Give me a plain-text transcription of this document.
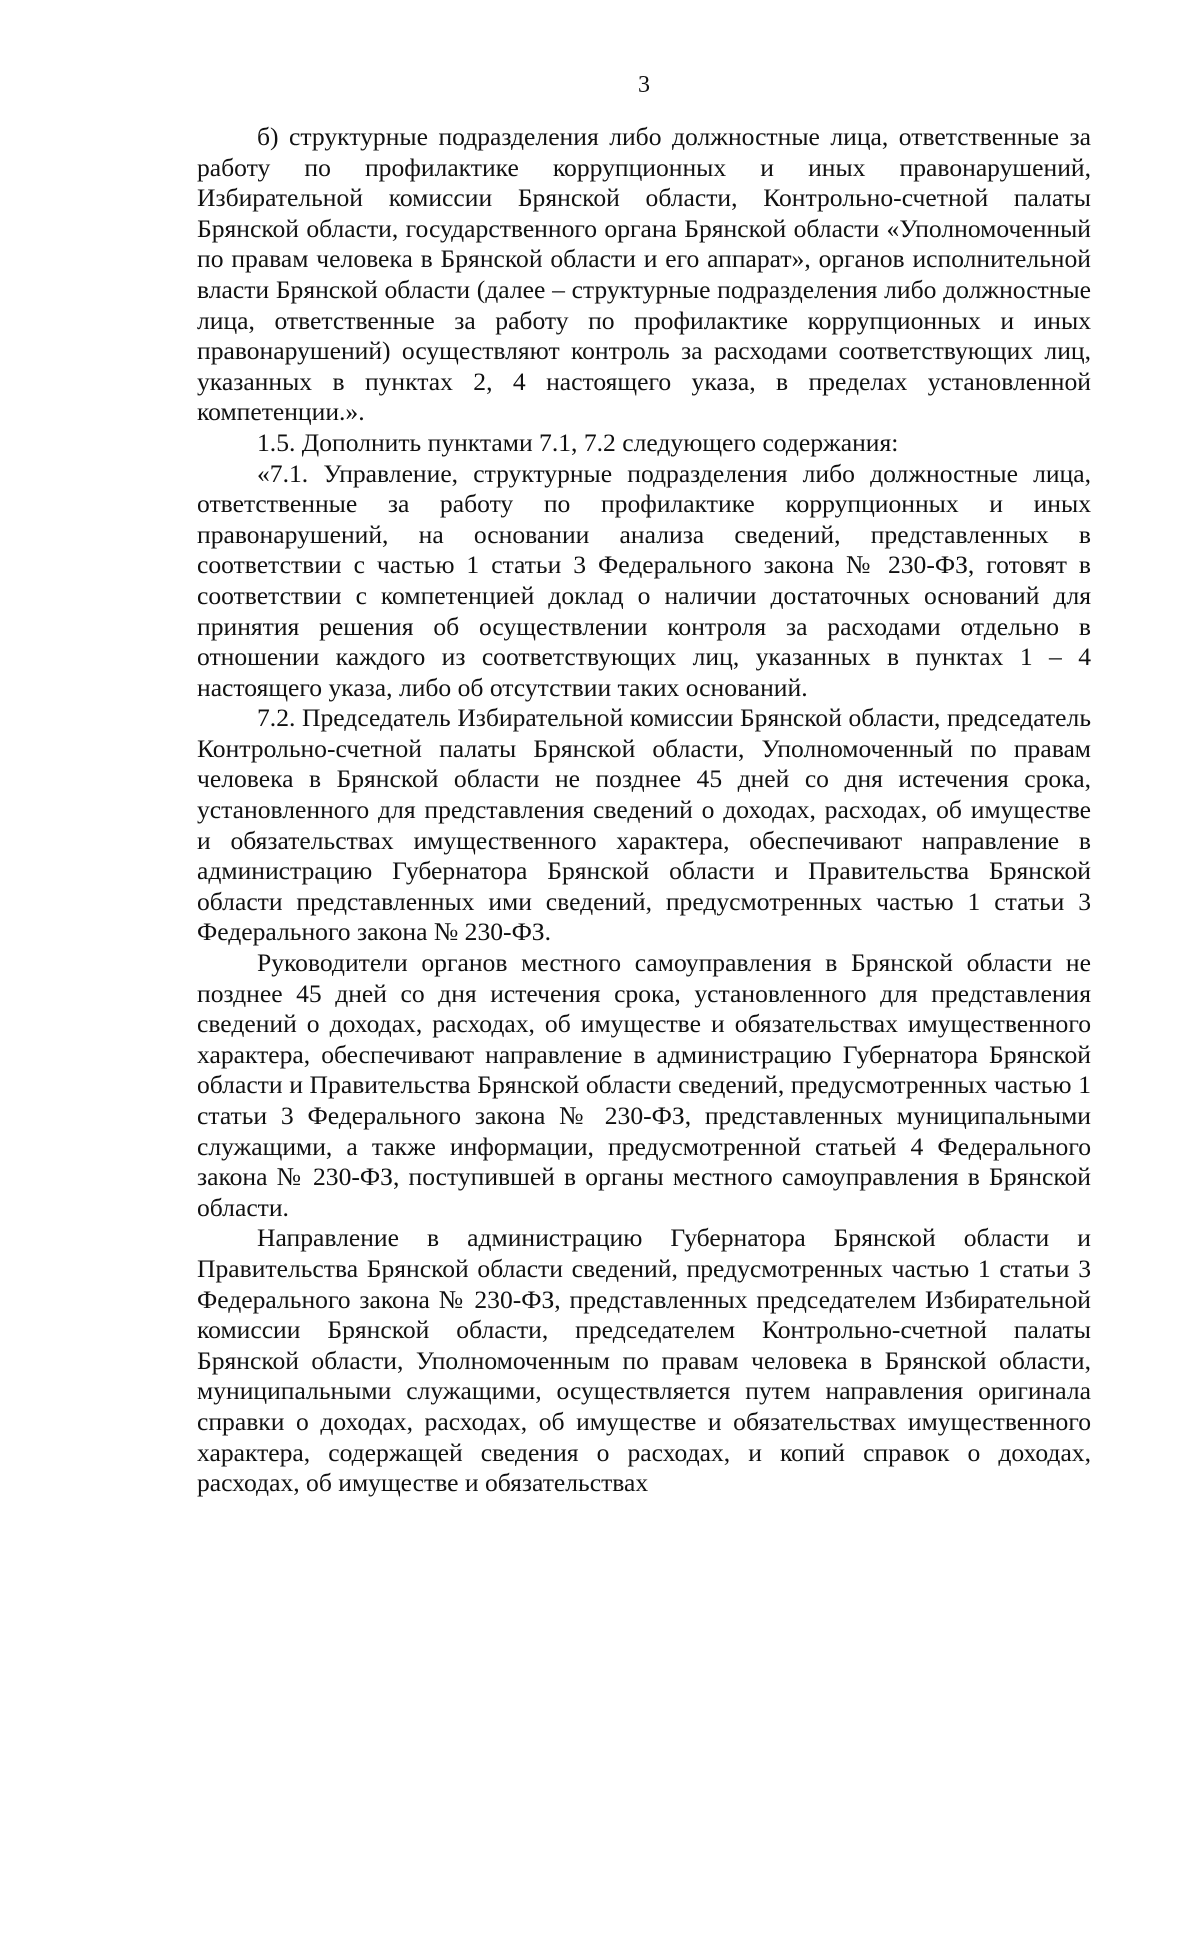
3

б) структурные подразделения либо должностные лица, ответственные за работу по профилактике коррупционных и иных правонарушений, Избирательной комиссии Брянской области, Контрольно-счетной палаты Брянской области, государственного органа Брянской области «Уполномоченный по правам человека в Брянской области и его аппарат», органов исполнительной власти Брянской области (далее – структурные подразделения либо должностные лица, ответственные за работу по профилактике коррупционных и иных правонарушений) осуществляют контроль за расходами соответствующих лиц, указанных в пунктах 2, 4 настоящего указа, в пределах установленной компетенции.».

1.5. Дополнить пунктами 7.1, 7.2 следующего содержания:

«7.1. Управление, структурные подразделения либо должностные лица, ответственные за работу по профилактике коррупционных и иных правонарушений, на основании анализа сведений, представленных в соответствии с частью 1 статьи 3 Федерального закона № 230-ФЗ, готовят в соответствии с компетенцией доклад о наличии достаточных оснований для принятия решения об осуществлении контроля за расходами отдельно в отношении каждого из соответствующих лиц, указанных в пунктах 1 – 4 настоящего указа, либо об отсутствии таких оснований.

7.2. Председатель Избирательной комиссии Брянской области, председатель Контрольно-счетной палаты Брянской области, Уполномоченный по правам человека в Брянской области не позднее 45 дней со дня истечения срока, установленного для представления сведений о доходах, расходах, об имуществе и обязательствах имущественного характера, обеспечивают направление в администрацию Губернатора Брянской области и Правительства Брянской области представленных ими сведений, предусмотренных частью 1 статьи 3 Федерального закона № 230-ФЗ.

Руководители органов местного самоуправления в Брянской области не позднее 45 дней со дня истечения срока, установленного для представления сведений о доходах, расходах, об имуществе и обязательствах имущественного характера, обеспечивают направление в администрацию Губернатора Брянской области и Правительства Брянской области сведений, предусмотренных частью 1 статьи 3 Федерального закона № 230-ФЗ, представленных муниципальными служащими, а также информации, предусмотренной статьей 4 Федерального закона № 230-ФЗ, поступившей в органы местного самоуправления в Брянской области.

Направление в администрацию Губернатора Брянской области и Правительства Брянской области сведений, предусмотренных частью 1 статьи 3 Федерального закона № 230-ФЗ, представленных председателем Избирательной комиссии Брянской области, председателем Контрольно-счетной палаты Брянской области, Уполномоченным по правам человека в Брянской области, муниципальными служащими, осуществляется путем направления оригинала справки о доходах, расходах, об имуществе и обязательствах имущественного характера, содержащей сведения о расходах, и копий справок о доходах, расходах, об имуществе и обязательствах
